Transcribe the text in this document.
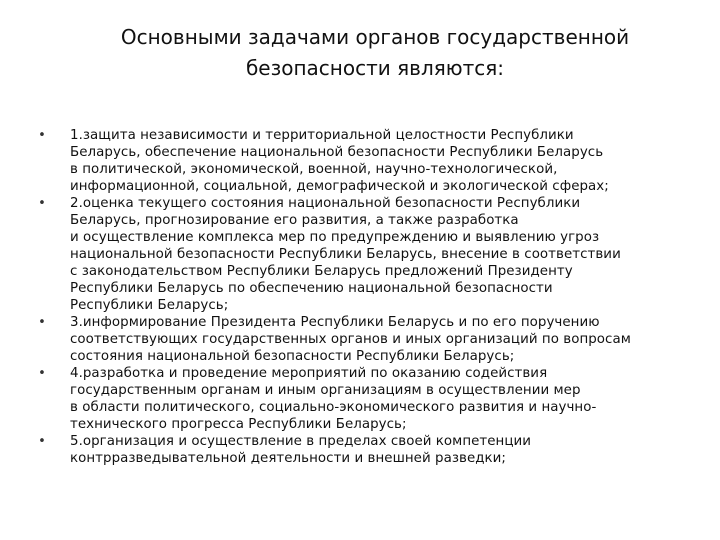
Основными задачами органов государственной
безопасности являются:
• 1.защита независимости и территориальной целостности Республики
Беларусь, обеспечение национальной безопасности Республики Беларусь
в политической, экономической, военной, научно-технологической,
информационной, социальной, демографической и экологической сферах;
• 2.оценка текущего состояния национальной безопасности Республики
Беларусь, прогнозирование его развития, а также разработка
и осуществление комплекса мер по предупреждению и выявлению угроз
национальной безопасности Республики Беларусь, внесение в соответствии
с законодательством Республики Беларусь предложений Президенту
Республики Беларусь по обеспечению национальной безопасности
Республики Беларусь;
• 3.информирование Президента Республики Беларусь и по его поручению
соответствующих государственных органов и иных организаций по вопросам
состояния национальной безопасности Республики Беларусь;
• 4.разработка и проведение мероприятий по оказанию содействия
государственным органам и иным организациям в осуществлении мер
в области политического, социально-экономического развития и научно-
технического прогресса Республики Беларусь;
• 5.организация и осуществление в пределах своей компетенции
контрразведывательной деятельности и внешней разведки;
